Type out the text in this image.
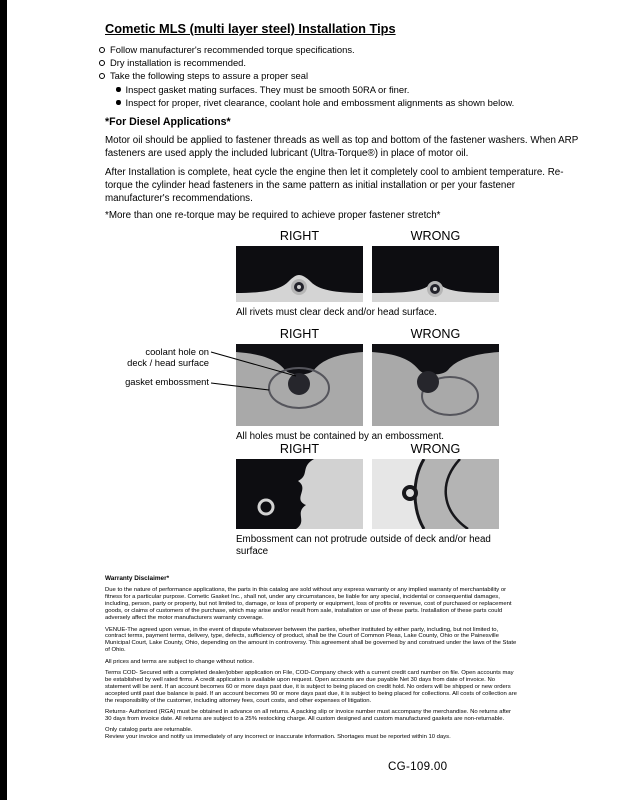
Cometic MLS (multi layer steel) Installation Tips
Follow manufacturer's recommended torque specifications.
Dry installation is recommended.
Take the following steps to assure a proper seal
Inspect gasket mating surfaces. They must be smooth 50RA or finer.
Inspect for proper, rivet clearance, coolant hole and embossment alignments as shown below.
*For Diesel Applications*
Motor oil should be applied to fastener threads as well as top and bottom of the fastener washers. When ARP fasteners are used apply the included lubricant (Ultra-Torque®) in place of motor oil.
After Installation is complete, heat cycle the engine then let it completely cool to ambient temperature. Re-torque the cylinder head fasteners in the same pattern as initial installation or per your fastener manufacturer's recommendations.
*More than one re-torque may be required to achieve proper fastener stretch*
RIGHT	WRONG
All rivets must clear deck and/or head surface.
RIGHT	WRONG
All holes must be contained by an embossment.
coolant hole on
deck / head surface
gasket embossment
RIGHT	WRONG
Embossment can not protrude outside of deck and/or head surface
Warranty Disclaimer*

Due to the nature of performance applications, the parts in this catalog are sold without any express warranty or any implied warranty of merchantability or fitness for a particular purpose. Cometic Gasket Inc., shall not, under any circumstances, be liable for any special, incidental or consequential damages, including, person, party or property, but not limited to, damage, or loss of property or equipment, loss of profits or revenue, cost of purchased or replacement goods, or claims of customers of the purchase, which may arise and/or result from sale, installation or use of these parts. Installation of these parts could adversely affect the motor manufacturers warranty coverage.

VENUE-The agreed upon venue, in the event of dispute whatsoever between the parties, whether instituted by either party, including, but not limited to, contract terms, payment terms, delivery, type, defects, sufficiency of product, shall be the Court of Common Pleas, Lake County, Ohio or the Painesville Municipal Court, Lake County, Ohio, depending on the amount in controversy. This agreement shall be governed by and construed under the laws of the State of Ohio.

All prices and terms are subject to change without notice.

Terms COD- Secured with a completed dealer/jobber application on File, COD-Company check with a current credit card number on file. Open accounts may be established by well rated firms. A credit application is available upon request. Open accounts are due payable Net 30 days from date of invoice. No statement will be sent. If an account becomes 60 or more days past due, it is subject to being placed on credit hold. No orders will be shipped or new orders accepted until past due balance is paid. If an account becomes 90 or more days past due, it is subject to being placed for collections. All costs of collection are the responsibility of the customer, including attorney fees, court costs, and other expenses of litigation.

Returns- Authorized (RGA) must be obtained in advance on all returns. A packing slip or invoice number must accompany the merchandise. No returns after 30 days from invoice date. All returns are subject to a 25% restocking charge. All custom designed and custom manufactured gaskets are non-returnable.

Only catalog parts are returnable.

Review your invoice and notify us immediately of any incorrect or inaccurate information. Shortages must be reported within 10 days.

CG-109.00
